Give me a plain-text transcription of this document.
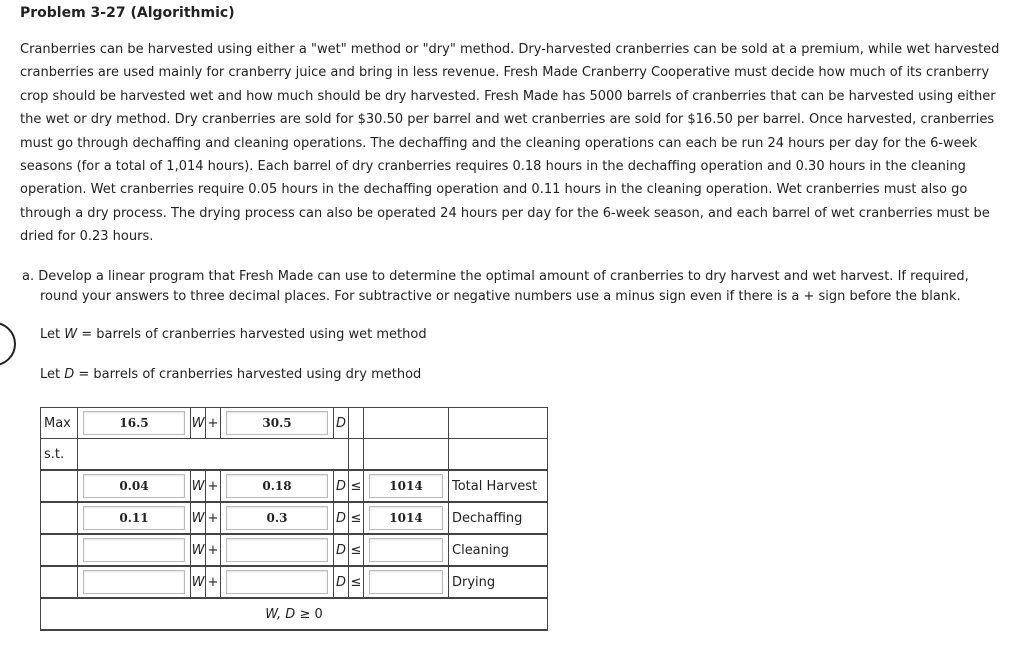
Problem 3-27 (Algorithmic)
Cranberries can be harvested using either a "wet" method or "dry" method. Dry-harvested cranberries can be sold at a premium, while wet harvested cranberries are used mainly for cranberry juice and bring in less revenue. Fresh Made Cranberry Cooperative must decide how much of its cranberry crop should be harvested wet and how much should be dry harvested. Fresh Made has 5000 barrels of cranberries that can be harvested using either the wet or dry method. Dry cranberries are sold for $30.50 per barrel and wet cranberries are sold for $16.50 per barrel. Once harvested, cranberries must go through dechaffing and cleaning operations. The dechaffing and the cleaning operations can each be run 24 hours per day for the 6-week seasons (for a total of 1,014 hours). Each barrel of dry cranberries requires 0.18 hours in the dechaffing operation and 0.30 hours in the cleaning operation. Wet cranberries require 0.05 hours in the dechaffing operation and 0.11 hours in the cleaning operation. Wet cranberries must also go through a dry process. The drying process can also be operated 24 hours per day for the 6-week season, and each barrel of wet cranberries must be dried for 0.23 hours.
a. Develop a linear program that Fresh Made can use to determine the optimal amount of cranberries to dry harvest and wet harvest. If required,
round your answers to three decimal places. For subtractive or negative numbers use a minus sign even if there is a + sign before the blank.
Let W = barrels of cranberries harvested using wet method
Let D = barrels of cranberries harvested using dry method
Max	16.5	W	+	30.5	D			
s.t.								
	0.04	W	+	0.18	D	≤	1014	Total Harvest
	0.11	W	+	0.3	D	≤	1014	Dechaffing
		W	+		D	≤		Cleaning
		W	+		D	≤		Drying
W, D ≥ 0								
